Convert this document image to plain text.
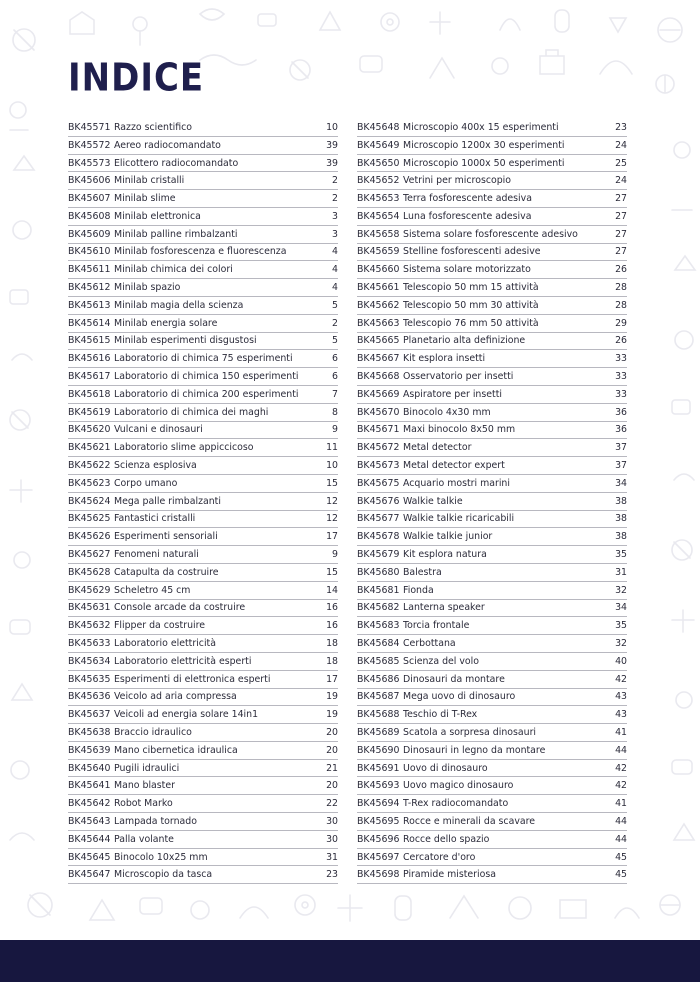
INDICE
BK45571 Razzo scientifico	10
BK45572 Aereo radiocomandato	39
BK45573 Elicottero radiocomandato	39
BK45606 Minilab cristalli	2
BK45607 Minilab slime	2
BK45608 Minilab elettronica	3
BK45609 Minilab palline rimbalzanti	3
BK45610 Minilab fosforescenza e fluorescenza	4
BK45611 Minilab chimica dei colori	4
BK45612 Minilab spazio	4
BK45613 Minilab magia della scienza	5
BK45614 Minilab energia solare	2
BK45615 Minilab esperimenti disgustosi	5
BK45616 Laboratorio di chimica 75 esperimenti	6
BK45617 Laboratorio di chimica 150 esperimenti	6
BK45618 Laboratorio di chimica 200 esperimenti	7
BK45619 Laboratorio di chimica dei maghi	8
BK45620 Vulcani e dinosauri	9
BK45621 Laboratorio slime appiccicoso	11
BK45622 Scienza esplosiva	10
BK45623 Corpo umano	15
BK45624 Mega palle rimbalzanti	12
BK45625 Fantastici cristalli	12
BK45626 Esperimenti sensoriali	17
BK45627 Fenomeni naturali	9
BK45628 Catapulta da costruire	15
BK45629 Scheletro 45 cm	14
BK45631 Console arcade da costruire	16
BK45632 Flipper da costruire	16
BK45633 Laboratorio elettricità	18
BK45634 Laboratorio elettricità esperti	18
BK45635 Esperimenti di elettronica esperti	17
BK45636 Veicolo ad aria compressa	19
BK45637 Veicoli ad energia solare 14in1	19
BK45638 Braccio idraulico	20
BK45639 Mano cibernetica idraulica	20
BK45640 Pugili idraulici	21
BK45641 Mano blaster	20
BK45642 Robot Marko	22
BK45643 Lampada tornado	30
BK45644 Palla volante	30
BK45645 Binocolo 10x25 mm	31
BK45647 Microscopio da tasca	23
BK45648 Microscopio 400x 15 esperimenti	23
BK45649 Microscopio 1200x 30 esperimenti	24
BK45650 Microscopio 1000x 50 esperimenti	25
BK45652 Vetrini per microscopio	24
BK45653 Terra fosforescente adesiva	27
BK45654 Luna fosforescente adesiva	27
BK45658 Sistema solare fosforescente adesivo	27
BK45659 Stelline fosforescenti adesive	27
BK45660 Sistema solare motorizzato	26
BK45661 Telescopio 50 mm 15 attività	28
BK45662 Telescopio 50 mm 30 attività	28
BK45663 Telescopio 76 mm 50 attività	29
BK45665 Planetario alta definizione	26
BK45667 Kit esplora insetti	33
BK45668 Osservatorio per insetti	33
BK45669 Aspiratore per insetti	33
BK45670 Binocolo 4x30 mm	36
BK45671 Maxi binocolo 8x50 mm	36
BK45672 Metal detector	37
BK45673 Metal detector expert	37
BK45675 Acquario mostri marini	34
BK45676 Walkie talkie	38
BK45677 Walkie talkie ricaricabili	38
BK45678 Walkie talkie junior	38
BK45679 Kit esplora natura	35
BK45680 Balestra	31
BK45681 Fionda	32
BK45682 Lanterna speaker	34
BK45683 Torcia frontale	35
BK45684 Cerbottana	32
BK45685 Scienza del volo	40
BK45686 Dinosauri da montare	42
BK45687 Mega uovo di dinosauro	43
BK45688 Teschio di T-Rex	43
BK45689 Scatola a sorpresa dinosauri	41
BK45690 Dinosauri in legno da montare	44
BK45691 Uovo di dinosauro	42
BK45693 Uovo magico dinosauro	42
BK45694 T-Rex radiocomandato	41
BK45695 Rocce e minerali da scavare	44
BK45696 Rocce dello spazio	44
BK45697 Cercatore d'oro	45
BK45698 Piramide misteriosa	45
